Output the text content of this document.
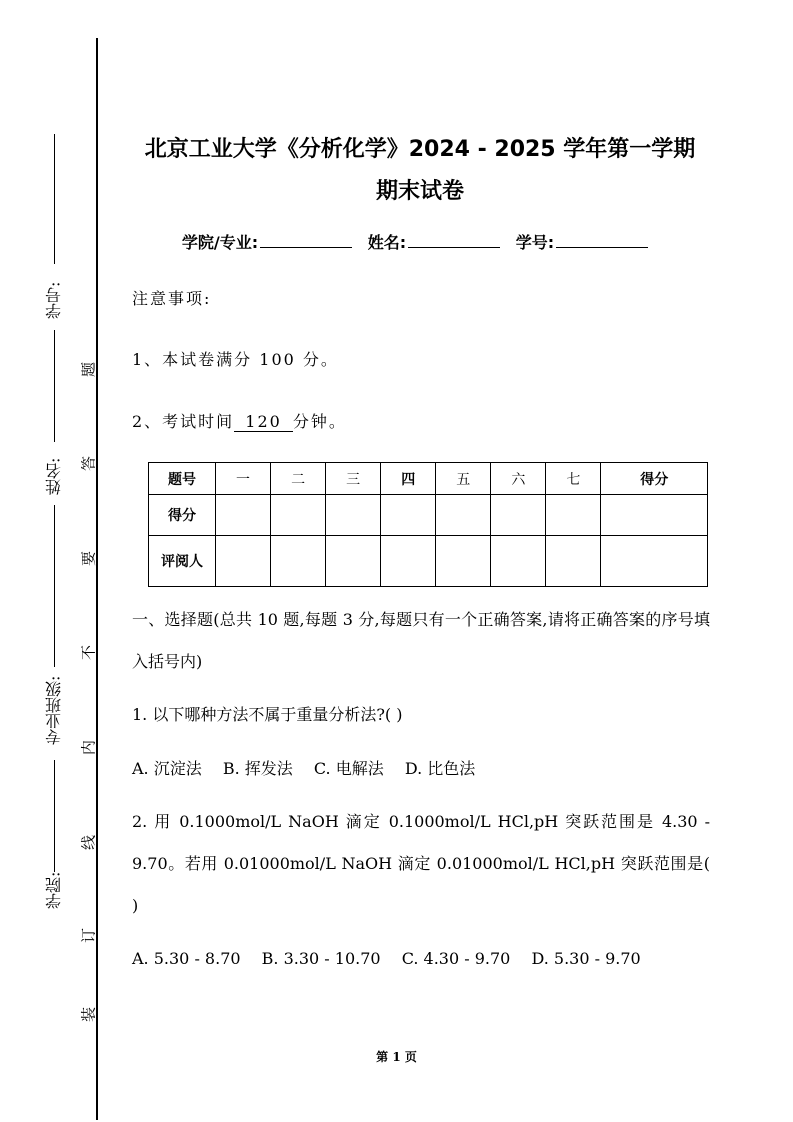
学号:
姓名:
专业班级:
学院:
题
答
要
不
内
线
订
装
北京工业大学《分析化学》2024 - 2025 学年第一学期
期末试卷
学院/专业:	姓名:	学号:
注意事项:
1、本试卷满分 100 分。
2、考试时间 120 分钟。
题号	一	二	三	四	五	六	七	得分
得分								
评阅人								
一、选择题(总共 10 题,每题 3 分,每题只有一个正确答案,请将正确答案的序号填入括号内)
1. 以下哪种方法不属于重量分析法?( )
A. 沉淀法 B. 挥发法 C. 电解法 D. 比色法
2. 用 0.1000mol/L NaOH 滴定 0.1000mol/L HCl,pH 突跃范围是 4.30 - 9.70。若用 0.01000mol/L NaOH 滴定 0.01000mol/L HCl,pH 突跃范围是( )
A. 5.30 - 8.70 B. 3.30 - 10.70 C. 4.30 - 9.70 D. 5.30 - 9.70
第 1 页
